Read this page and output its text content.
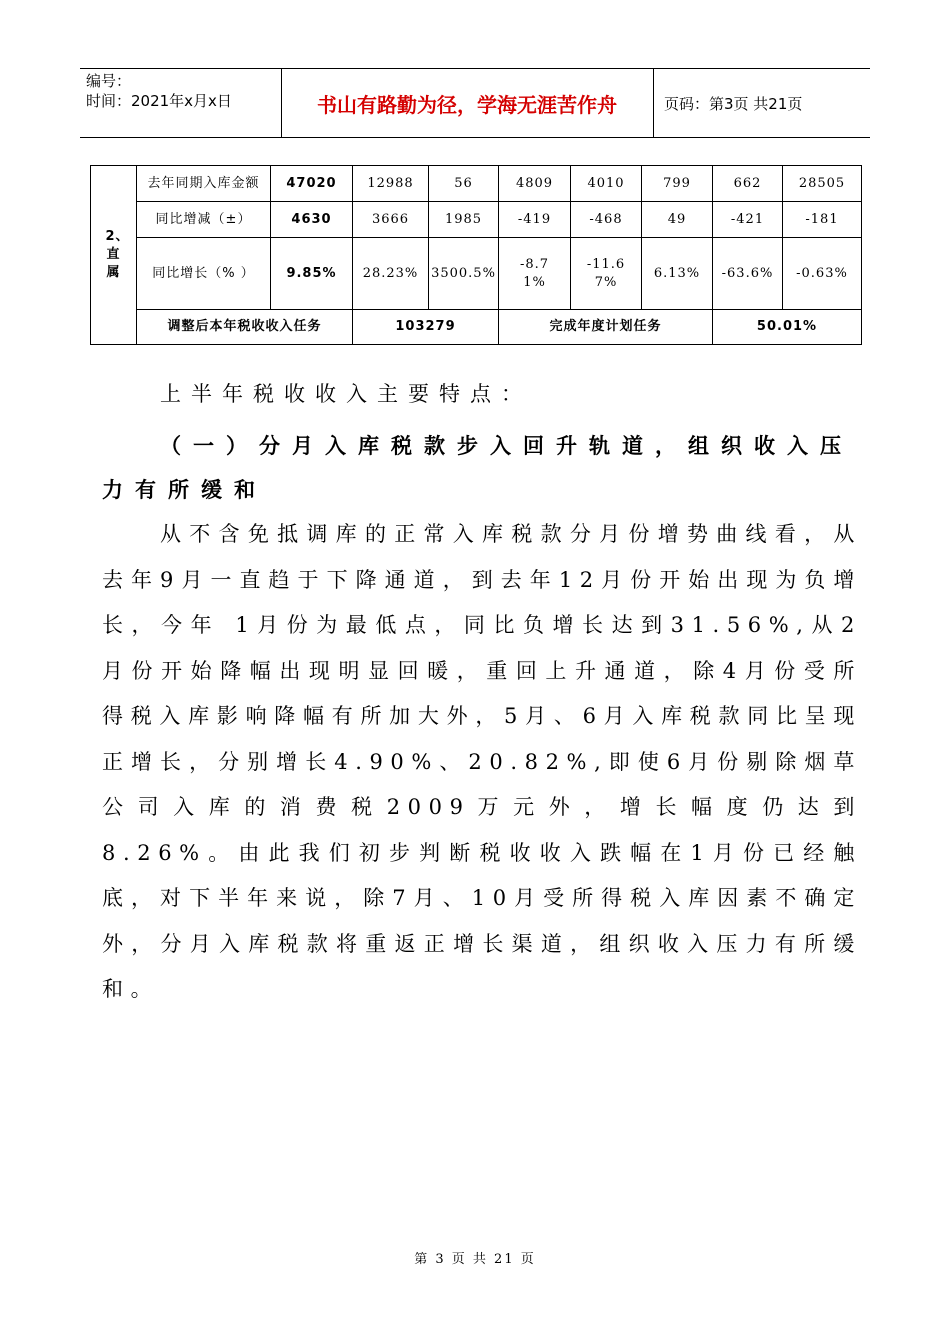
编号：
时间：2021年x月x日	书山有路勤为径，学海无涯苦作舟	页码：第3页 共21页
2、直属	去年同期入库金额	47020	12988	56	4809	4010	799	662	28505
	同比增减（±）	4630	3666	1985	-419	-468	49	-421	-181
	同比增长（% ）	9.85%	28.23%	3500.5%	-8.71%	-11.67%	6.13%	-63.6%	-0.63%
	调整后本年税收收入任务		103279		完成年度计划任务			50.01%	

上半年税收收入主要特点：

（一）分月入库税款步入回升轨道，组织收入压力有所缓和

从不含免抵调库的正常入库税款分月份增势曲线看，从去年9月一直趋于下降通道，到去年12月份开始出现为负增长，今年 1月份为最低点，同比负增长达到31.56%,从2月份开始降幅出现明显回暖，重回上升通道，除4月份受所得税入库影响降幅有所加大外，5月、6月入库税款同比呈现正增长，分别增长4.90%、20.82%,即使6月份剔除烟草公司入库的消费税2009万元外，增长幅度仍达到8.26%。由此我们初步判断税收收入跌幅在1月份已经触底，对下半年来说，除7月、10月受所得税入库因素不确定外，分月入库税款将重返正增长渠道，组织收入压力有所缓和。

第 3 页 共 21 页
